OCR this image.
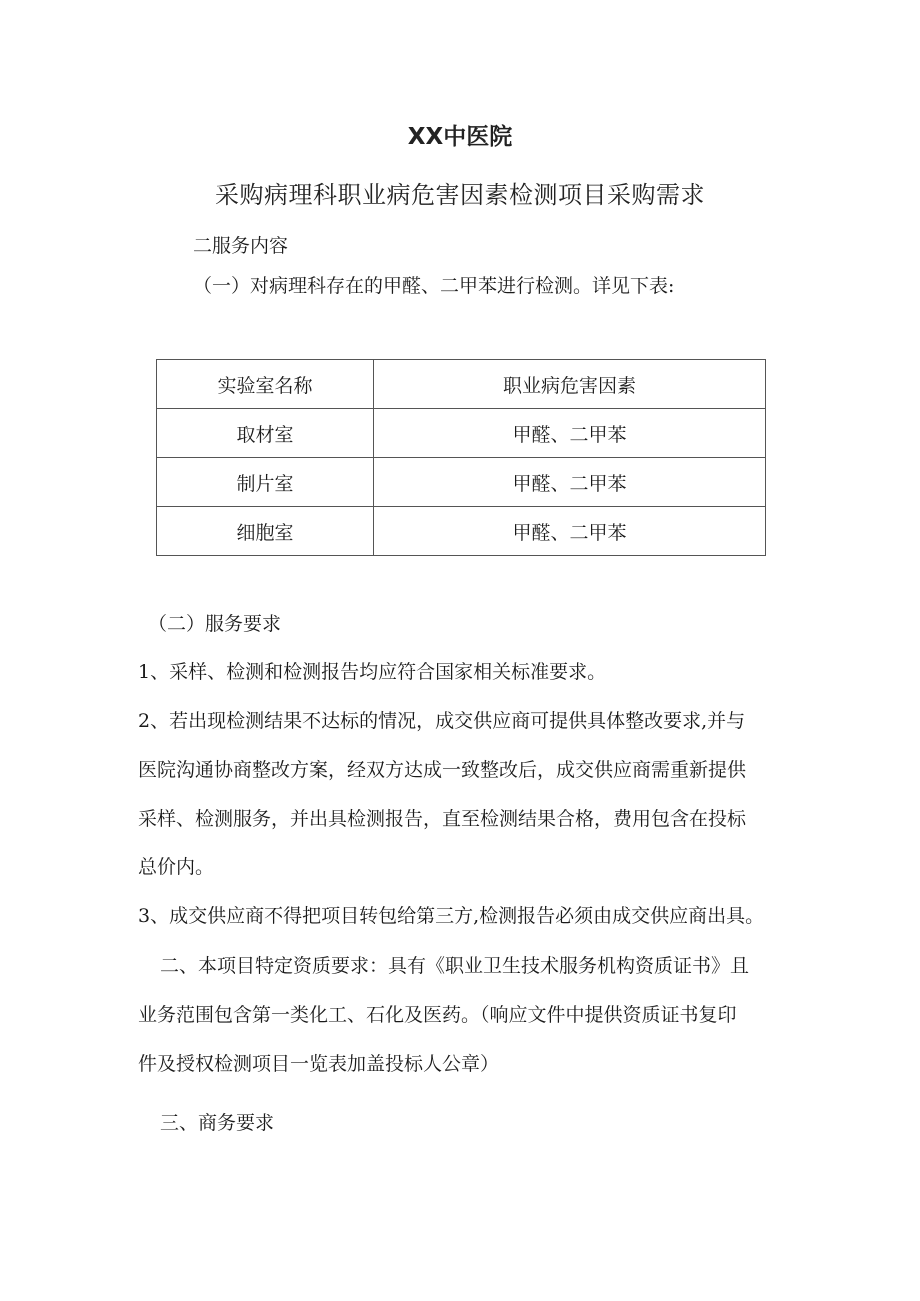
XX中医院
采购病理科职业病危害因素检测项目采购需求
二服务内容
（一）对病理科存在的甲醛、二甲苯进行检测。详见下表:
实验室名称	职业病危害因素
取材室	甲醛、二甲苯
制片室	甲醛、二甲苯
细胞室	甲醛、二甲苯
（二）服务要求
1、采样、检测和检测报告均应符合国家相关标准要求。
2、若出现检测结果不达标的情况，成交供应商可提供具体整改要求,并与
医院沟通协商整改方案，经双方达成一致整改后，成交供应商需重新提供
采样、检测服务，并出具检测报告，直至检测结果合格，费用包含在投标
总价内。
3、成交供应商不得把项目转包给第三方,检测报告必须由成交供应商出具。
二、本项目特定资质要求：具有《职业卫生技术服务机构资质证书》且
业务范围包含第一类化工、石化及医药。（响应文件中提供资质证书复印
件及授权检测项目一览表加盖投标人公章）
三、商务要求
